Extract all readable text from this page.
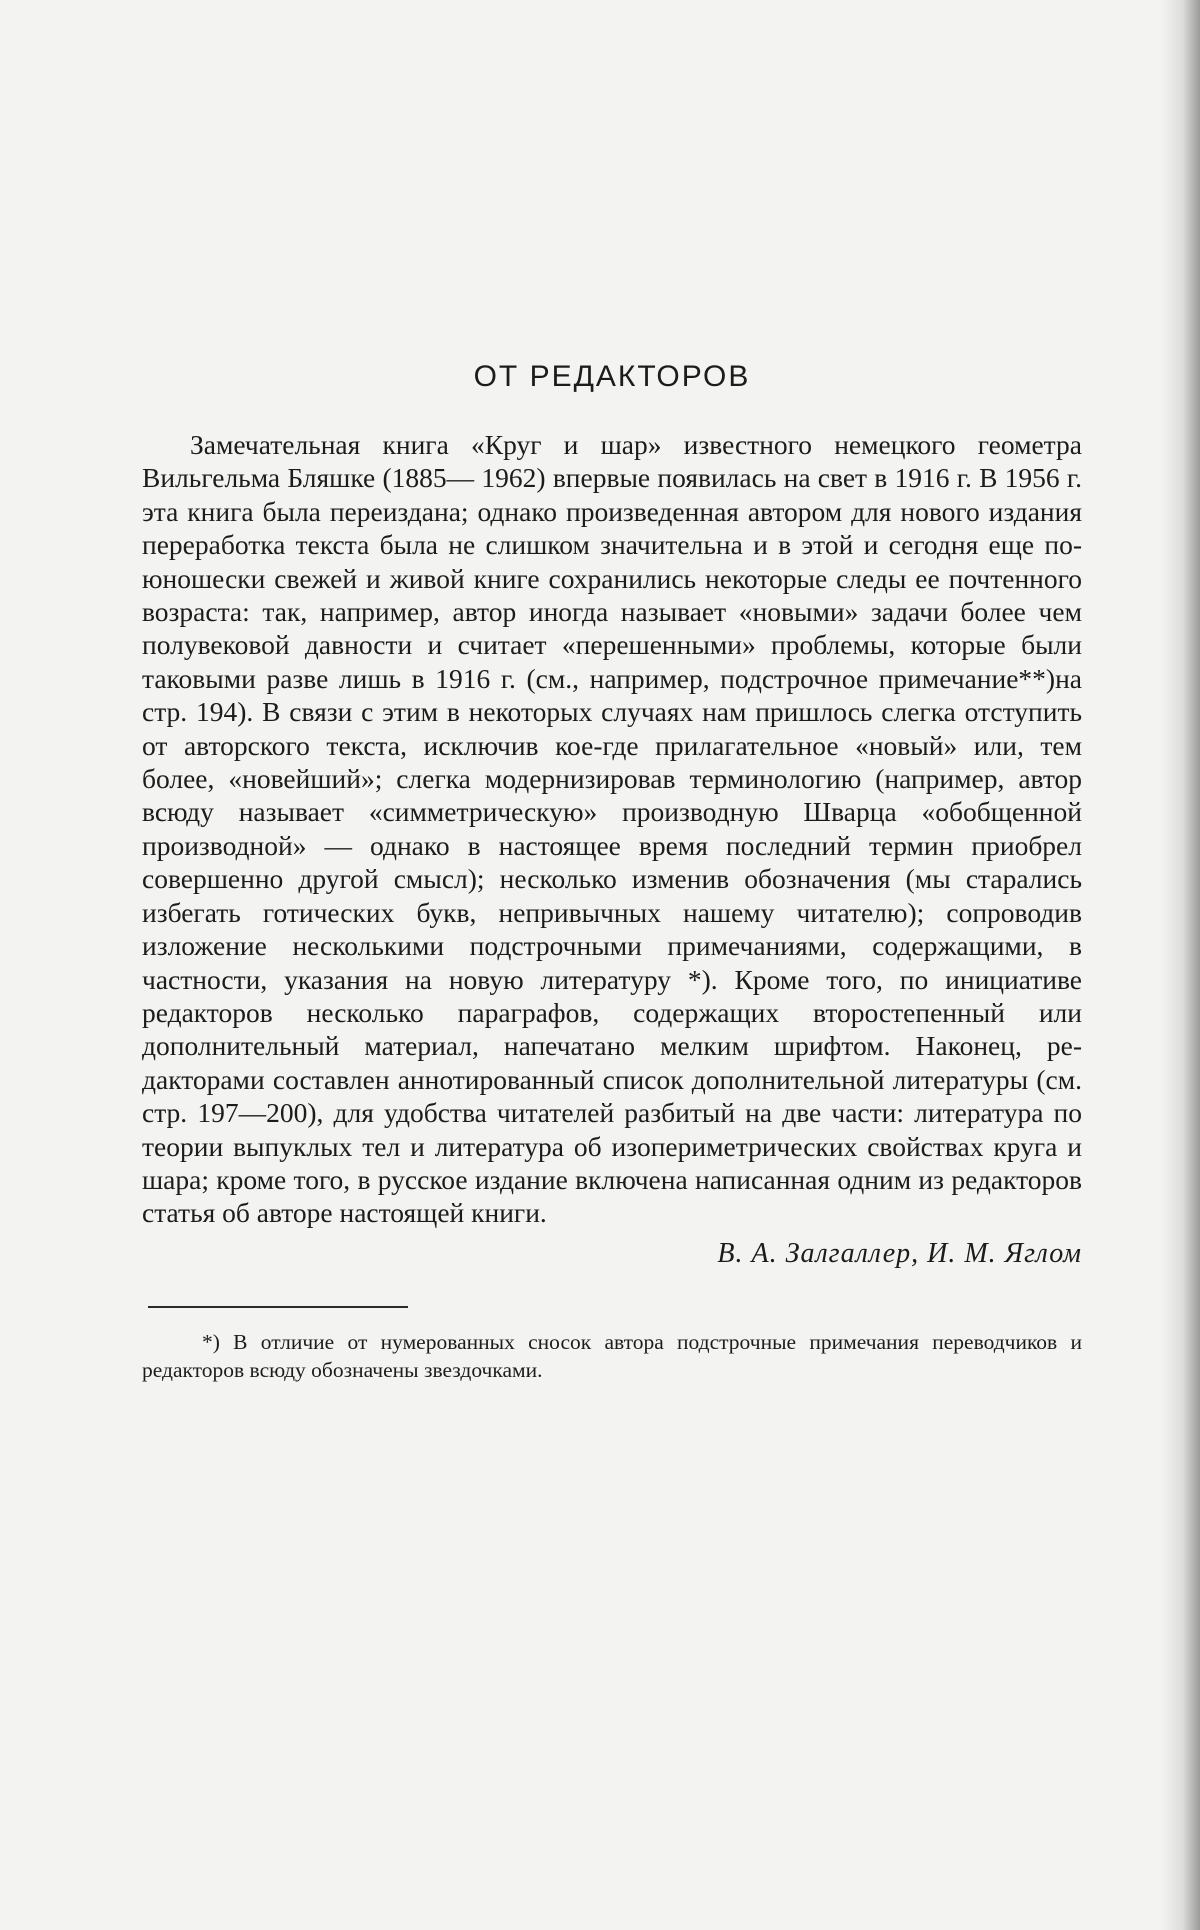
ОТ РЕДАКТОРОВ

Замечательная книга «Круг и шар» известного немецкого геометра Вильгельма Бляшке (1885— 1962) впервые появилась на свет в 1916 г. В 1956 г. эта книга была переиздана; однако произведенная автором для нового издания переработка текста была не слишком значительна и в этой и сегодня еще по-юношески свежей и живой книге сохранились некоторые следы ее почтенного возраста: так, например, автор иногда называет «новыми» задачи более чем полувековой давности и считает «перешенными» проблемы, которые были таковыми разве лишь в 1916 г. (см., например, подстрочное примечание**)на стр. 194). В связи с этим в некоторых случаях нам пришлось слегка отступить от авторского текста, исключив кое-где прилагательное «новый» или, тем более, «новейший»; слегка модернизировав терминологию (например, автор всюду называет «симметрическую» производную Шварца «обобщенной производной» — однако в настоящее время последний термин приобрел совершенно другой смысл); несколько изменив обозначения (мы старались избегать готических букв, непривычных нашему читателю); сопроводив изложение несколькими подстрочными примечаниями, содержащими, в частности, указания на новую литературу *). Кроме того, по инициативе редакторов несколько параграфов, содержащих второстепенный или дополнительный материал, напечатано мелким шрифтом. Наконец, редакторами составлен аннотированный список дополнительной литературы (см. стр. 197—200), для удобства читателей разбитый на две части: литература по теории выпуклых тел и литература об изопериметрических свойствах круга и шара; кроме того, в русское издание включена написанная одним из редакторов статья об авторе настоящей книги.

В. А. Залгаллер, И. М. Яглом

*) В отличие от нумерованных сносок автора подстрочные примечания переводчиков и редакторов всюду обозначены звездочками.
